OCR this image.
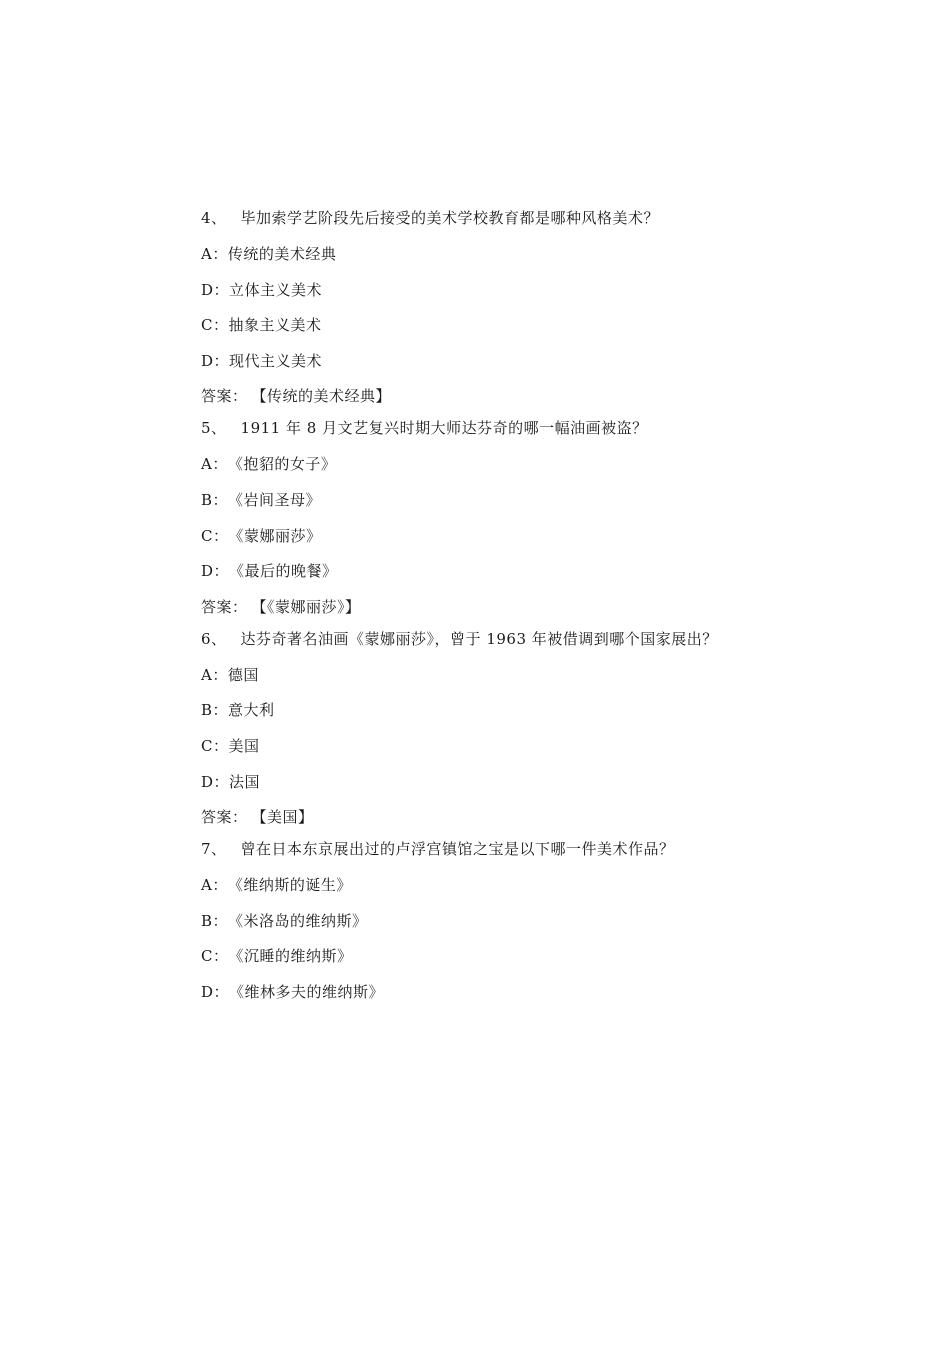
4、 毕加索学艺阶段先后接受的美术学校教育都是哪种风格美术？
A：传统的美术经典
D：立体主义美术
C：抽象主义美术
D：现代主义美术
答案： 【传统的美术经典】
5、 1911 年 8 月文艺复兴时期大师达芬奇的哪一幅油画被盗？
A：《抱貂的女子》
B：《岩间圣母》
C：《蒙娜丽莎》
D：《最后的晚餐》
答案： 【《蒙娜丽莎》】
6、 达芬奇著名油画《蒙娜丽莎》，曾于 1963 年被借调到哪个国家展出？
A：德国
B：意大利
C：美国
D：法国
答案： 【美国】
7、 曾在日本东京展出过的卢浮宫镇馆之宝是以下哪一件美术作品？
A：《维纳斯的诞生》
B：《米洛岛的维纳斯》
C：《沉睡的维纳斯》
D：《维林多夫的维纳斯》
